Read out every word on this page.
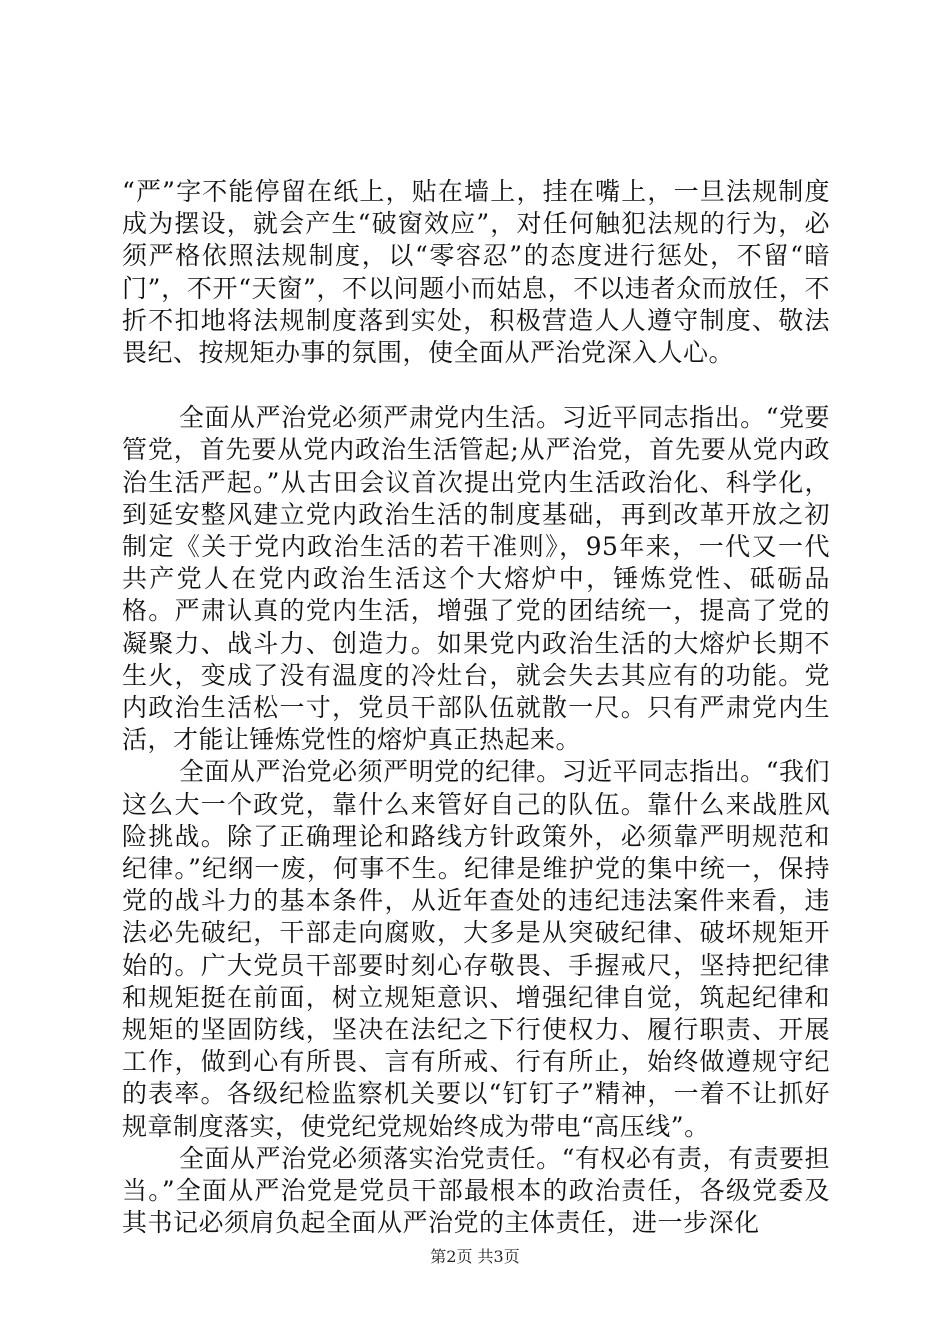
“严”字不能停留在纸上，贴在墙上，挂在嘴上，一旦法规制度成为摆设，就会产生“破窗效应”，对任何触犯法规的行为，必须严格依照法规制度，以“零容忍”的态度进行惩处，不留“暗门”，不开“天窗”，不以问题小而姑息，不以违者众而放任，不折不扣地将法规制度落到实处，积极营造人人遵守制度、敬法畏纪、按规矩办事的氛围，使全面从严治党深入人心。

全面从严治党必须严肃党内生活。习近平同志指出。“党要管党，首先要从党内政治生活管起;从严治党，首先要从党内政治生活严起。”从古田会议首次提出党内生活政治化、科学化，到延安整风建立党内政治生活的制度基础，再到改革开放之初制定《关于党内政治生活的若干准则》，95年来，一代又一代共产党人在党内政治生活这个大熔炉中，锤炼党性、砥砺品格。严肃认真的党内生活，增强了党的团结统一，提高了党的凝聚力、战斗力、创造力。如果党内政治生活的大熔炉长期不生火，变成了没有温度的冷灶台，就会失去其应有的功能。党内政治生活松一寸，党员干部队伍就散一尺。只有严肃党内生活，才能让锤炼党性的熔炉真正热起来。

全面从严治党必须严明党的纪律。习近平同志指出。“我们这么大一个政党，靠什么来管好自己的队伍。靠什么来战胜风险挑战。除了正确理论和路线方针政策外，必须靠严明规范和纪律。”纪纲一废，何事不生。纪律是维护党的集中统一，保持党的战斗力的基本条件，从近年查处的违纪违法案件来看，违法必先破纪，干部走向腐败，大多是从突破纪律、破坏规矩开始的。广大党员干部要时刻心存敬畏、手握戒尺，坚持把纪律和规矩挺在前面，树立规矩意识、增强纪律自觉，筑起纪律和规矩的坚固防线，坚决在法纪之下行使权力、履行职责、开展工作，做到心有所畏、言有所戒、行有所止，始终做遵规守纪的表率。各级纪检监察机关要以“钉钉子”精神，一着不让抓好规章制度落实，使党纪党规始终成为带电“高压线”。

全面从严治党必须落实治党责任。“有权必有责，有责要担当。”全面从严治党是党员干部最根本的政治责任，各级党委及其书记必须肩负起全面从严治党的主体责任，进一步深化

第2页 共3页
